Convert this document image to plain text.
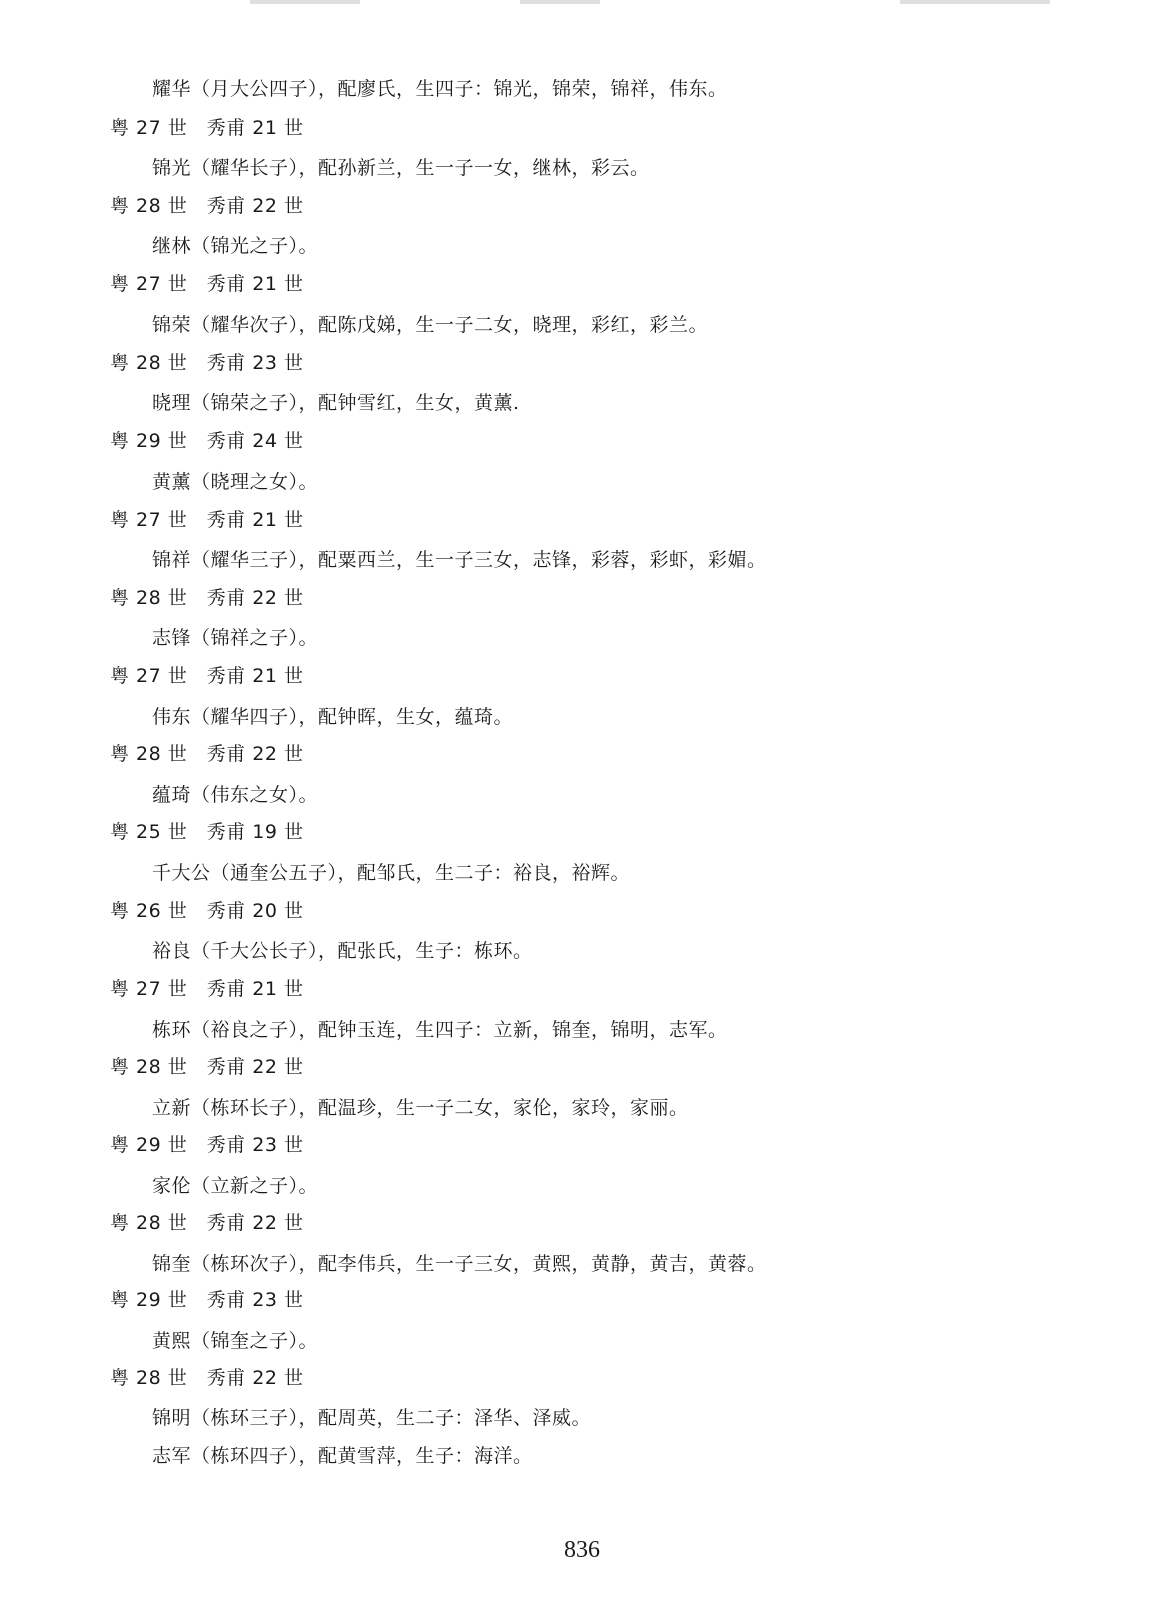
耀华（月大公四子），配廖氏，生四子：锦光，锦荣，锦祥，伟东。
粤 27 世　秀甫 21 世
锦光（耀华长子），配孙新兰，生一子一女，继林，彩云。
粤 28 世　秀甫 22 世
继林（锦光之子）。
粤 27 世　秀甫 21 世
锦荣（耀华次子），配陈戊娣，生一子二女，晓理，彩红，彩兰。
粤 28 世　秀甫 23 世
晓理（锦荣之子），配钟雪红，生女，黄薰.
粤 29 世　秀甫 24 世
黄薰（晓理之女）。
粤 27 世　秀甫 21 世
锦祥（耀华三子），配粟西兰，生一子三女，志锋，彩蓉，彩虾，彩媚。
粤 28 世　秀甫 22 世
志锋（锦祥之子）。
粤 27 世　秀甫 21 世
伟东（耀华四子），配钟晖，生女，蕴琦。
粤 28 世　秀甫 22 世
蕴琦（伟东之女）。
粤 25 世　秀甫 19 世
千大公（通奎公五子），配邹氏，生二子：裕良，裕辉。
粤 26 世　秀甫 20 世
裕良（千大公长子），配张氏，生子：栋环。
粤 27 世　秀甫 21 世
栋环（裕良之子），配钟玉连，生四子：立新，锦奎，锦明，志军。
粤 28 世　秀甫 22 世
立新（栋环长子），配温珍，生一子二女，家伦，家玲，家丽。
粤 29 世　秀甫 23 世
家伦（立新之子）。
粤 28 世　秀甫 22 世
锦奎（栋环次子），配李伟兵，生一子三女，黄熙，黄静，黄吉，黄蓉。
粤 29 世　秀甫 23 世
黄熙（锦奎之子）。
粤 28 世　秀甫 22 世
锦明（栋环三子），配周英，生二子：泽华、泽威。
志军（栋环四子），配黄雪萍，生子：海洋。
836
